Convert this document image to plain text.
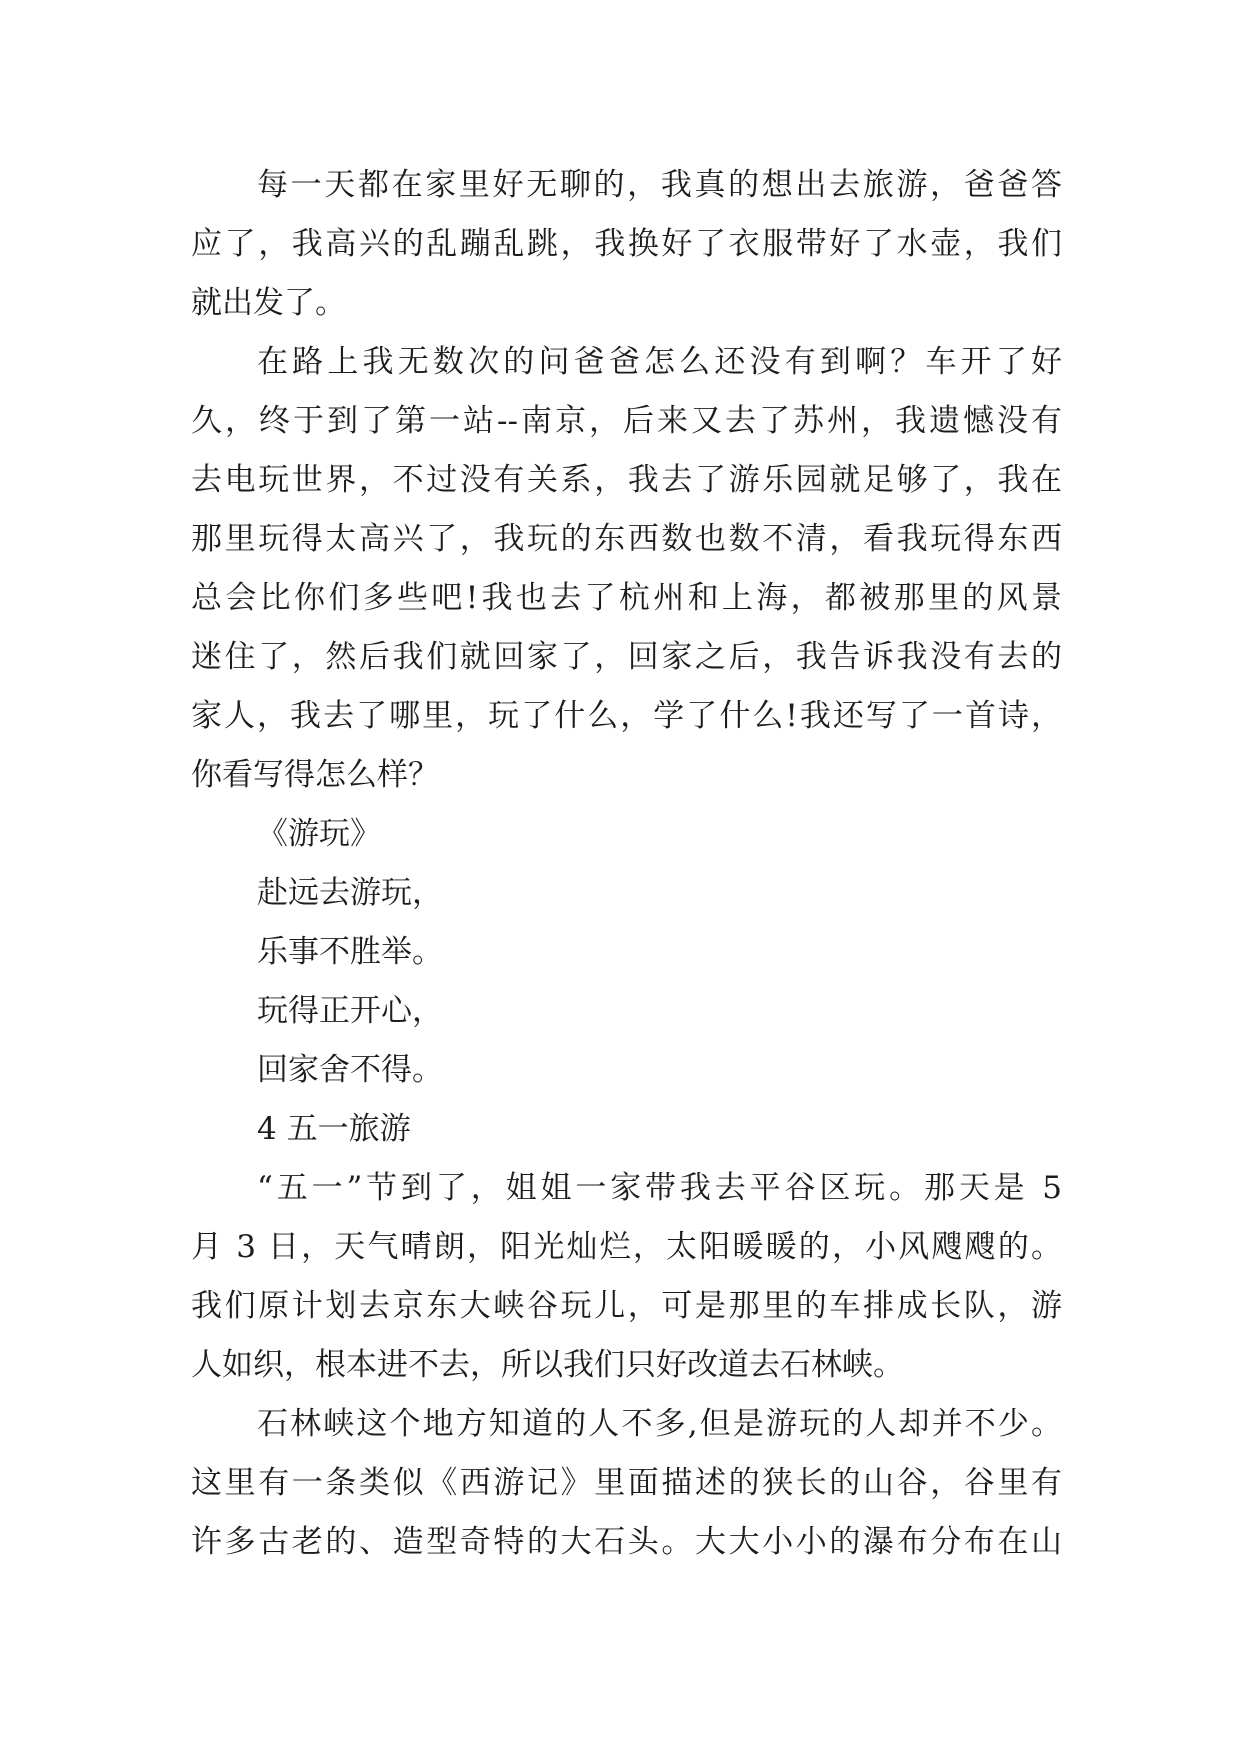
每一天都在家里好无聊的，我真的想出去旅游，爸爸答
应了，我高兴的乱蹦乱跳，我换好了衣服带好了水壶，我们
就出发了。
在路上我无数次的问爸爸怎么还没有到啊？车开了好
久，终于到了第一站--南京，后来又去了苏州，我遗憾没有
去电玩世界，不过没有关系，我去了游乐园就足够了，我在
那里玩得太高兴了，我玩的东西数也数不清，看我玩得东西
总会比你们多些吧!我也去了杭州和上海，都被那里的风景
迷住了，然后我们就回家了，回家之后，我告诉我没有去的
家人，我去了哪里，玩了什么，学了什么!我还写了一首诗，
你看写得怎么样？
《游玩》
赴远去游玩，
乐事不胜举。
玩得正开心，
回家舍不得。
4 五一旅游
“五一”节到了，姐姐一家带我去平谷区玩。那天是 5
月 3 日，天气晴朗，阳光灿烂，太阳暖暖的，小风飕飕的。
我们原计划去京东大峡谷玩儿，可是那里的车排成长队，游
人如织，根本进不去，所以我们只好改道去石林峡。
石林峡这个地方知道的人不多,但是游玩的人却并不少。
这里有一条类似《西游记》里面描述的狭长的山谷，谷里有
许多古老的、造型奇特的大石头。大大小小的瀑布分布在山
